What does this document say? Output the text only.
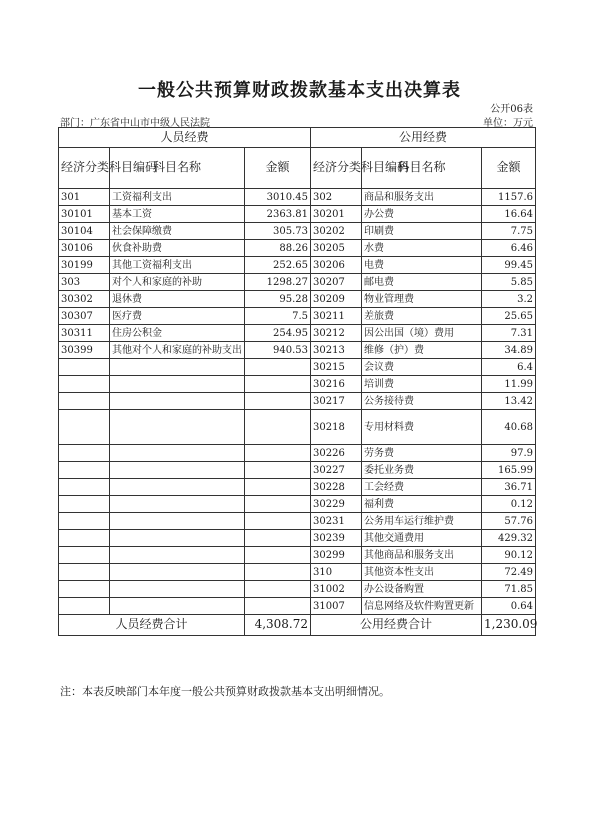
一般公共预算财政拨款基本支出决算表
公开06表
部门：广东省中山市中级人民法院	单位：万元
人员经费			公用经费		
经济分类科目编码	科目名称	金额	经济分类科目编码	科目名称	金额
301	工资福利支出	3010.45	302	商品和服务支出	1157.6
30101	基本工资	2363.81	30201	办公费	16.64
30104	社会保障缴费	305.73	30202	印刷费	7.75
30106	伙食补助费	88.26	30205	水费	6.46
30199	其他工资福利支出	252.65	30206	电费	99.45
303	对个人和家庭的补助	1298.27	30207	邮电费	5.85
30302	退休费	95.28	30209	物业管理费	3.2
30307	医疗费	7.5	30211	差旅费	25.65
30311	住房公积金	254.95	30212	因公出国（境）费用	7.31
30399	其他对个人和家庭的补助支出	940.53	30213	维修（护）费	34.89
			30215	会议费	6.4
			30216	培训费	11.99
			30217	公务接待费	13.42
			30218	专用材料费	40.68
			30226	劳务费	97.9
			30227	委托业务费	165.99
			30228	工会经费	36.71
			30229	福利费	0.12
			30231	公务用车运行维护费	57.76
			30239	其他交通费用	429.32
			30299	其他商品和服务支出	90.12
			310	其他资本性支出	72.49
			31002	办公设备购置	71.85
			31007	信息网络及软件购置更新	0.64
人员经费合计		4,308.72	公用经费合计		1,230.09
注：本表反映部门本年度一般公共预算财政拨款基本支出明细情况。
